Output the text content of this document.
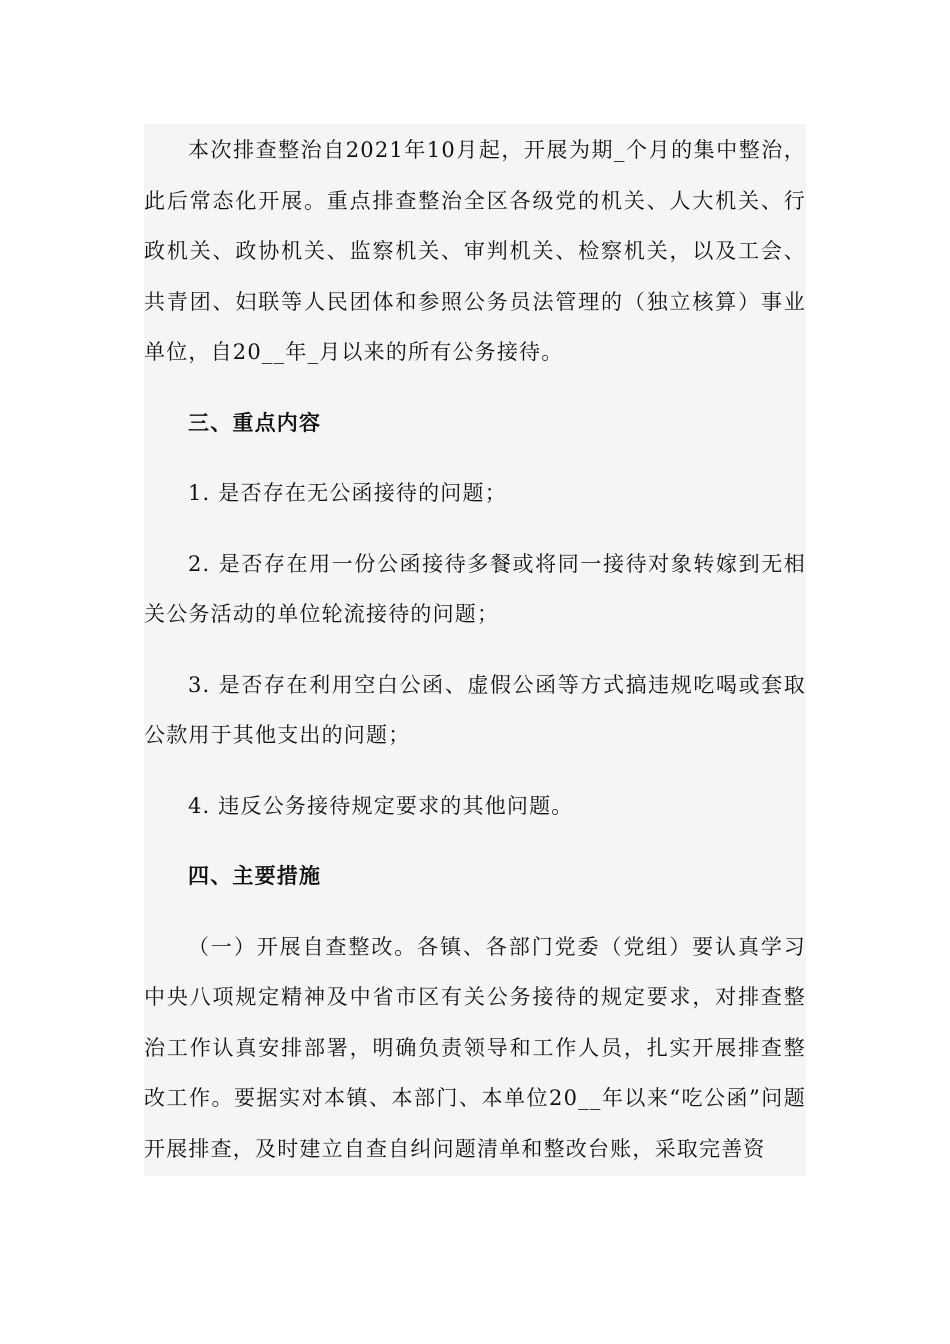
本次排查整治自2021年10月起，开展为期_个月的集中整治，此后常态化开展。重点排查整治全区各级党的机关、人大机关、行政机关、政协机关、监察机关、审判机关、检察机关，以及工会、共青团、妇联等人民团体和参照公务员法管理的（独立核算）事业单位，自20__年_月以来的所有公务接待。

三、重点内容

1. 是否存在无公函接待的问题；

2. 是否存在用一份公函接待多餐或将同一接待对象转嫁到无相关公务活动的单位轮流接待的问题；

3. 是否存在利用空白公函、虚假公函等方式搞违规吃喝或套取公款用于其他支出的问题；

4. 违反公务接待规定要求的其他问题。

四、主要措施

（一）开展自查整改。各镇、各部门党委（党组）要认真学习中央八项规定精神及中省市区有关公务接待的规定要求，对排查整治工作认真安排部署，明确负责领导和工作人员，扎实开展排查整改工作。要据实对本镇、本部门、本单位20__年以来“吃公函”问题开展排查，及时建立自查自纠问题清单和整改台账，采取完善资
